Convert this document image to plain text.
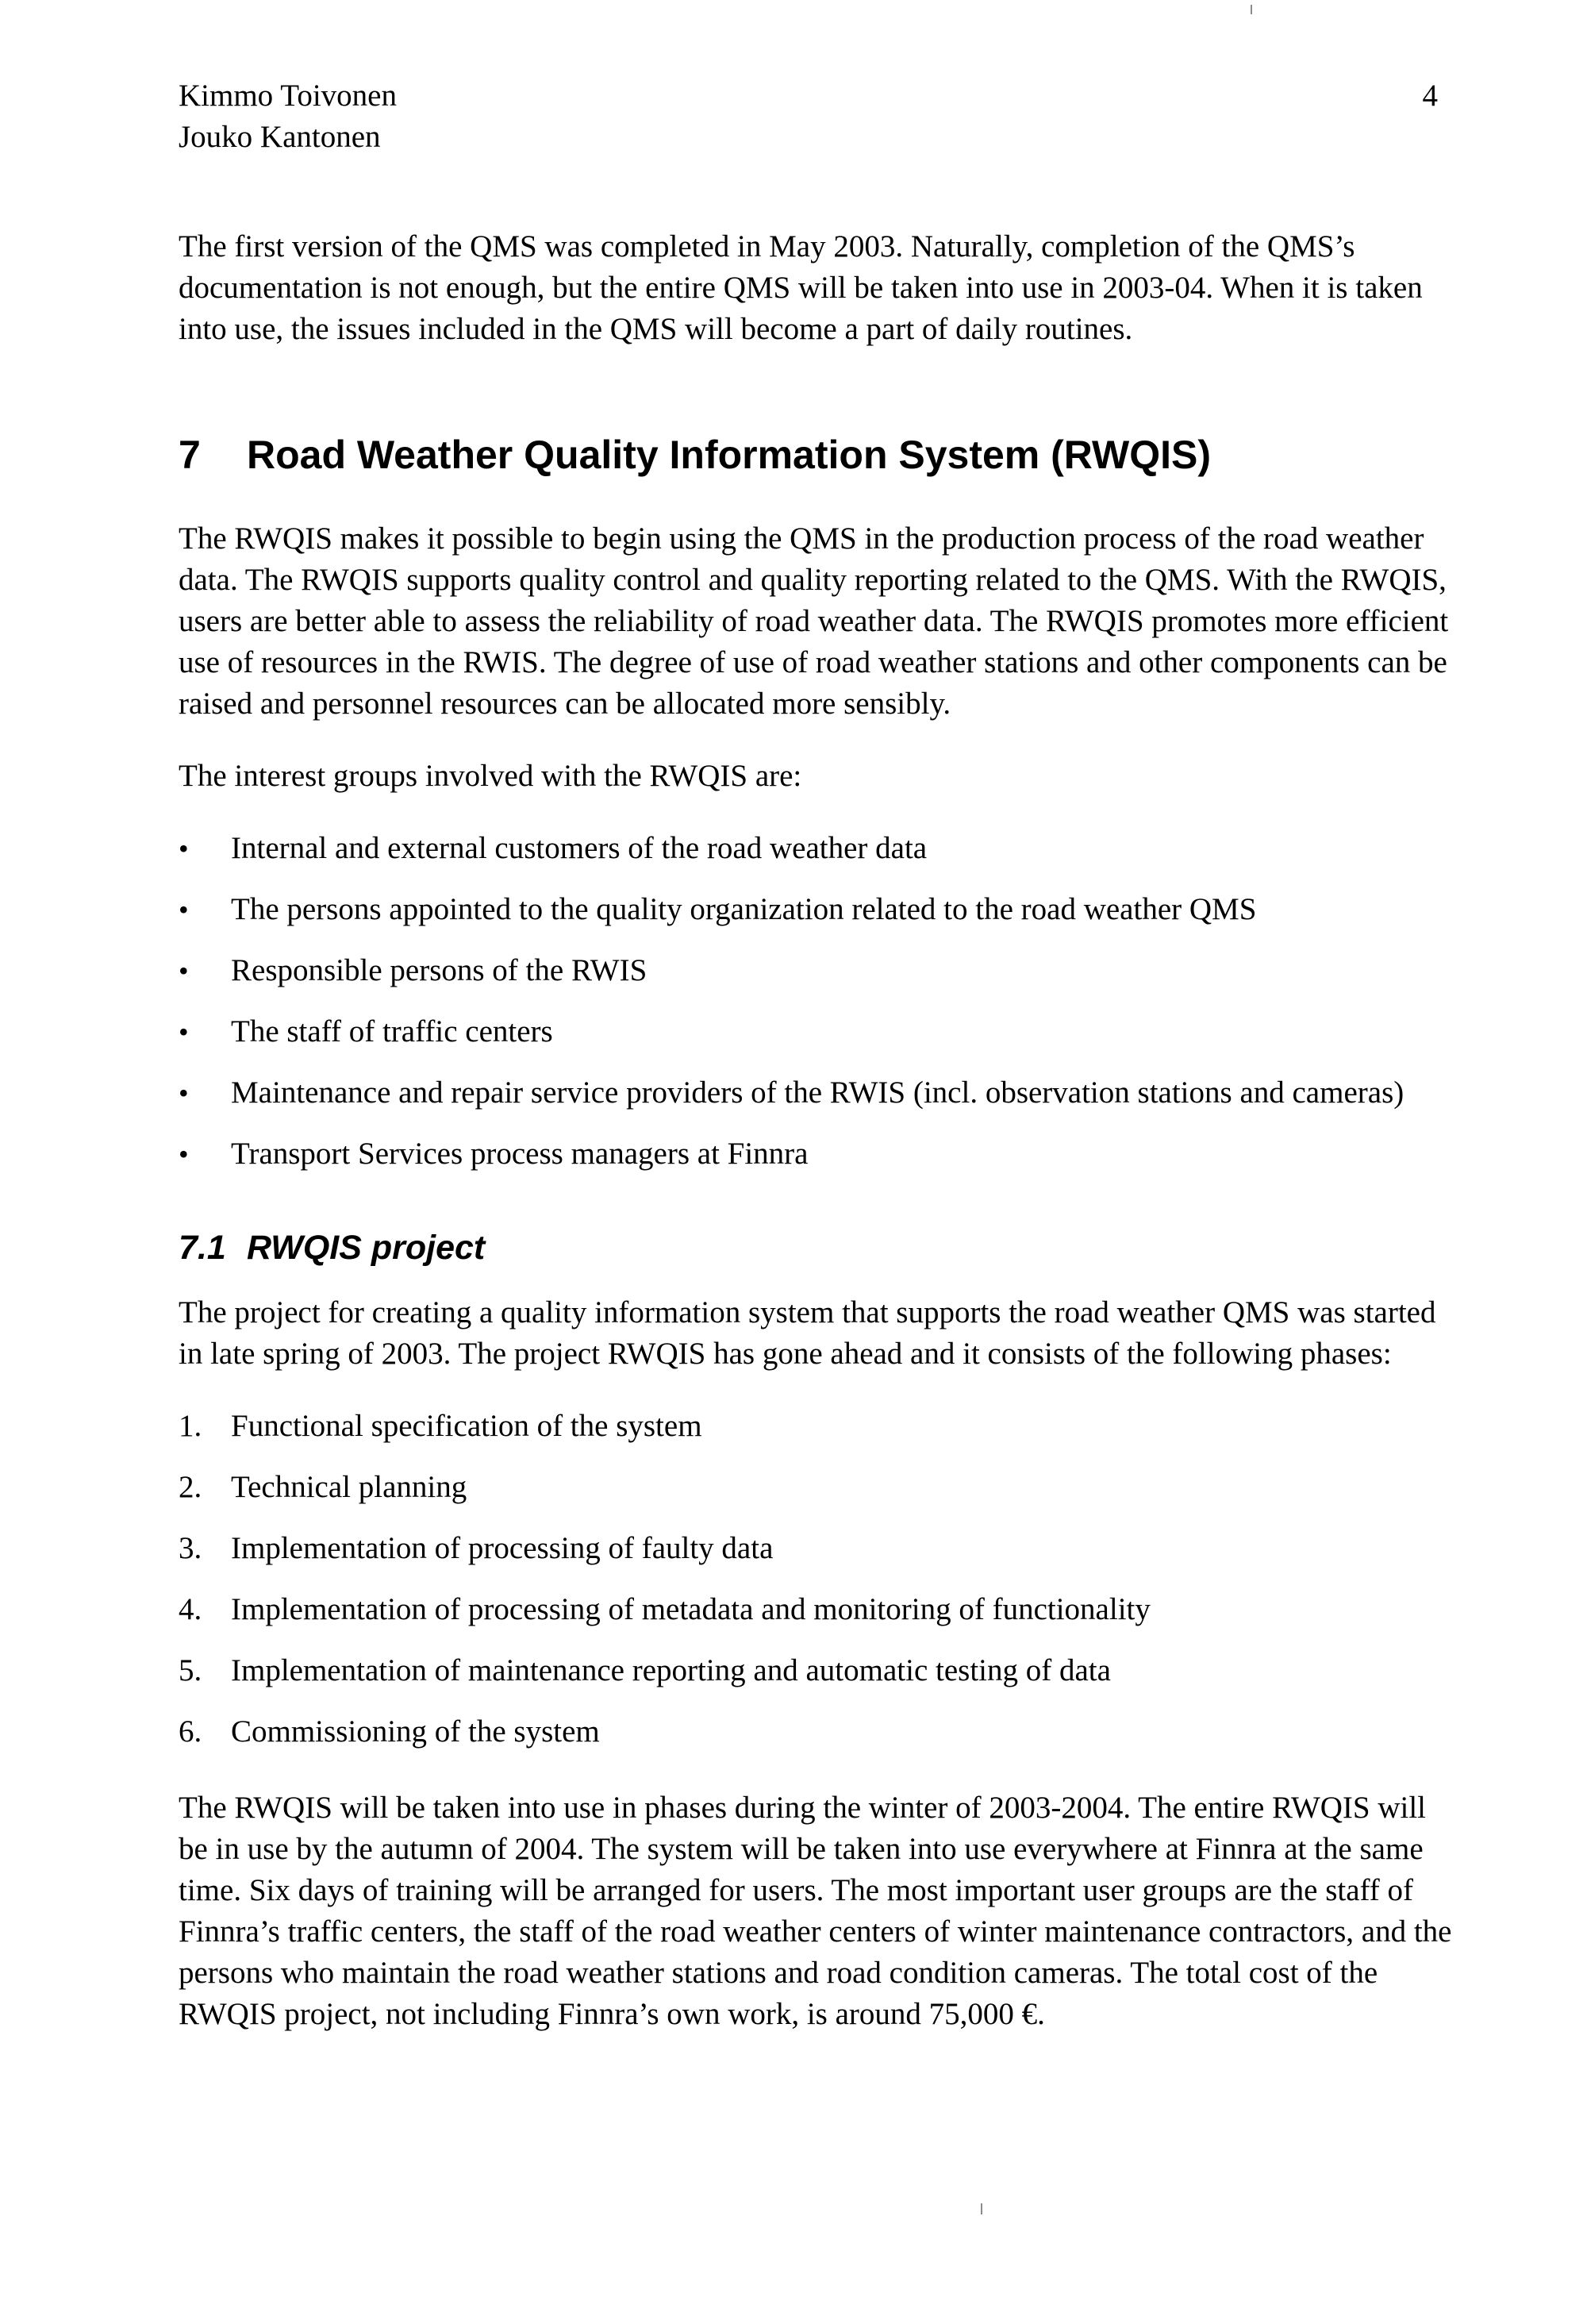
4
Kimmo Toivonen
Jouko Kantonen

The first version of the QMS was completed in May 2003. Naturally, completion of the QMS’s documentation is not enough, but the entire QMS will be taken into use in 2003-04. When it is taken into use, the issues included in the QMS will become a part of daily routines.

7	Road Weather Quality Information System (RWQIS)

The RWQIS makes it possible to begin using the QMS in the production process of the road weather data. The RWQIS supports quality control and quality reporting related to the QMS. With the RWQIS, users are better able to assess the reliability of road weather data. The RWQIS promotes more efficient use of resources in the RWIS. The degree of use of road weather stations and other components can be raised and personnel resources can be allocated more sensibly.

The interest groups involved with the RWQIS are:

•	Internal and external customers of the road weather data
•	The persons appointed to the quality organization related to the road weather QMS
•	Responsible persons of the RWIS
•	The staff of traffic centers
•	Maintenance and repair service providers of the RWIS (incl. observation stations and cameras)
•	Transport Services process managers at Finnra
7.1 RWQIS project

The project for creating a quality information system that supports the road weather QMS was started in late spring of 2003. The project RWQIS has gone ahead and it consists of the following phases:

1. Functional specification of the system
2. Technical planning
3. Implementation of processing of faulty data
4. Implementation of processing of metadata and monitoring of functionality
5. Implementation of maintenance reporting and automatic testing of data
6. Commissioning of the system

The RWQIS will be taken into use in phases during the winter of 2003-2004. The entire RWQIS will be in use by the autumn of 2004. The system will be taken into use everywhere at Finnra at the same time. Six days of training will be arranged for users. The most important user groups are the staff of Finnra’s traffic centers, the staff of the road weather centers of winter maintenance contractors, and the persons who maintain the road weather stations and road condition cameras. The total cost of the RWQIS project, not including Finnra’s own work, is around 75,000 €.
